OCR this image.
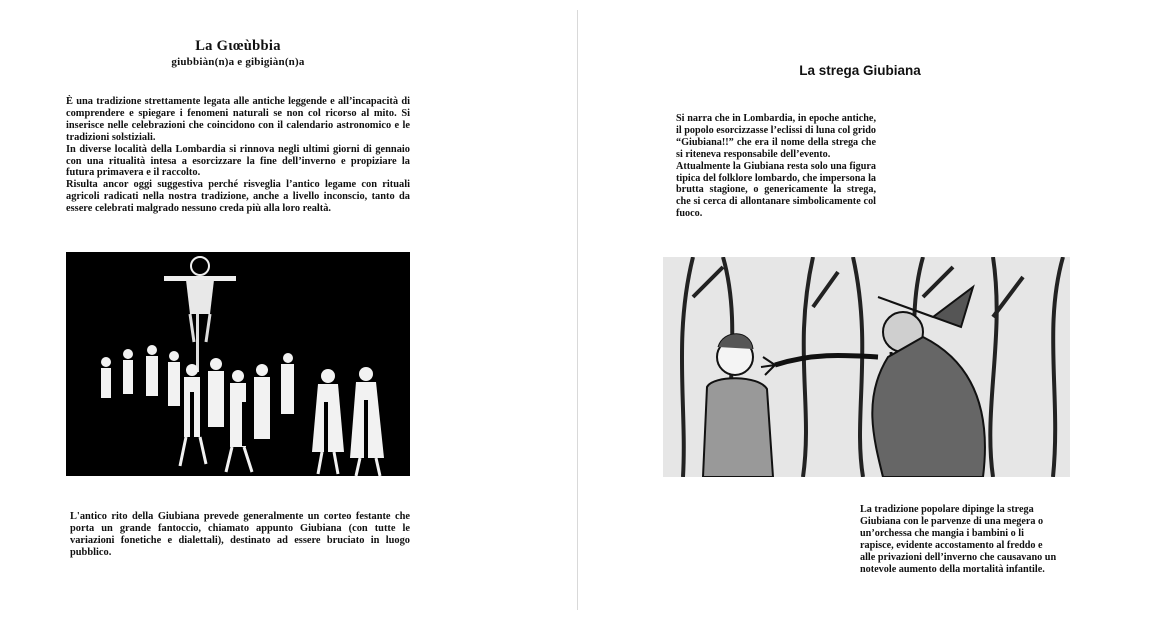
La Gιœùbbia
giubbiàn(n)a e gibigiàn(n)a
È una tradizione strettamente legata alle antiche leggende e all’incapacità di comprendere e spiegare i fenomeni naturali se non col ricorso al mito. Si inserisce nelle celebrazioni che coincidono con il calendario astronomico e le tradizioni solstiziali.
In diverse località della Lombardia si rinnova negli ultimi giorni di gennaio con una ritualità intesa a esorcizzare la fine dell’inverno e propiziare la futura primavera e il raccolto.
Risulta ancor oggi suggestiva perché risveglia l’antico legame con rituali agricoli radicati nella nostra tradizione, anche a livello inconscio, tanto da essere celebrati malgrado nessuno creda più alla loro realtà.
L'antico rito della Giubiana prevede generalmente un corteo festante che porta un grande fantoccio, chiamato appunto Giubiana (con tutte le variazioni fonetiche e dialettali), destinato ad essere bruciato in luogo pubblico.
La strega Giubiana
Si narra che in Lombardia, in epoche antiche, il popolo esorcizzasse l’eclissi di luna col grido “Giubiana!!” che era il nome della strega che si riteneva responsabile dell’evento.
Attualmente la Giubiana resta solo una figura tipica del folklore lombardo, che impersona la brutta stagione, o genericamente la strega, che si cerca di allontanare simbolicamente col fuoco.
La tradizione popolare dipinge la strega Giubiana con le parvenze di una megera o un’orchessa che mangia i bambini o li rapisce, evidente accostamento al freddo e alle privazioni dell’inverno che causavano un notevole aumento della mortalità infantile.
